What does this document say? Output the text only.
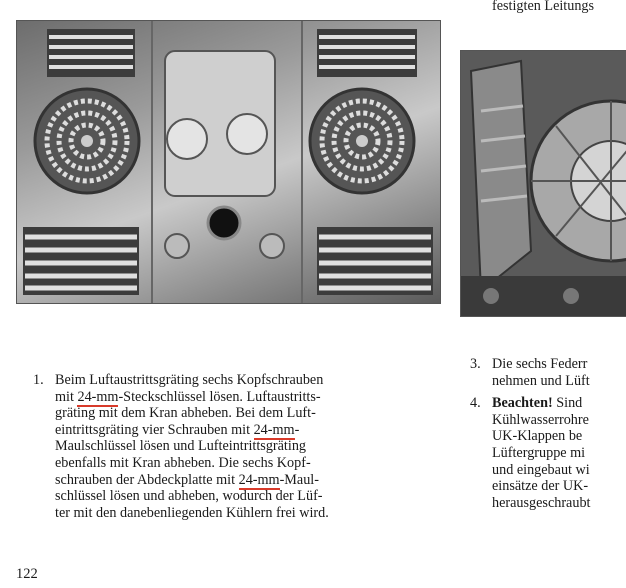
festigten Leitungs
1. Beim Luftaustrittsgräting sechs Kopfschrauben
mit 24-mm-Steckschlüssel lösen. Luftaustritts-
gräting mit dem Kran abheben. Bei dem Luft-
eintrittsgräting vier Schrauben mit 24-mm-
Maulschlüssel lösen und Lufteintrittsgräting
ebenfalls mit Kran abheben. Die sechs Kopf-
schrauben der Abdeckplatte mit 24-mm-Maul-
schlüssel lösen und abheben, wodurch der Lüf-
ter mit den danebenliegenden Kühlern frei wird.
3. Die sechs Federr
nehmen und Lüft
4. Beachten! Sind
Kühlwasserrohre
UK-Klappen be
Lüftergruppe mi
und eingebaut wi
einsätze der UK-
herausgeschraubt
122
